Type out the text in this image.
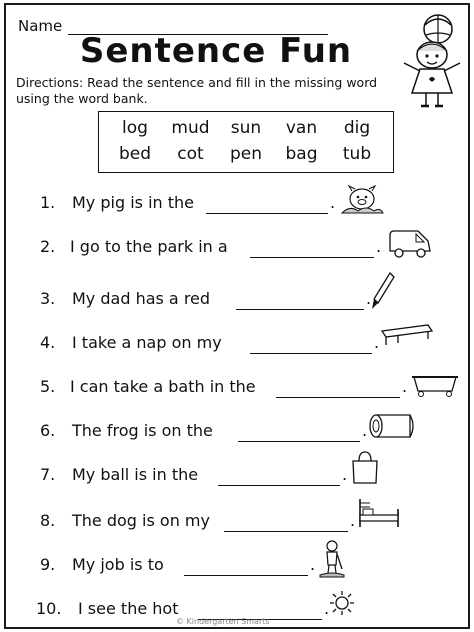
Name
Sentence Fun
Directions: Read the sentence and fill in the missing word using the word bank.
log	mud	sun	van	dig
bed	cot	pen	bag	tub
1. My pig is in the	.
2. I go to the park in a	.
3. My dad has a red	.
4. I take a nap on my	.
5. I can take a bath in the	.
6. The frog is on the	.
7. My ball is in the	.
8. The dog is on my	.
9. My job is to	.
10. I see the hot	.
© Kindergarten Smarts
